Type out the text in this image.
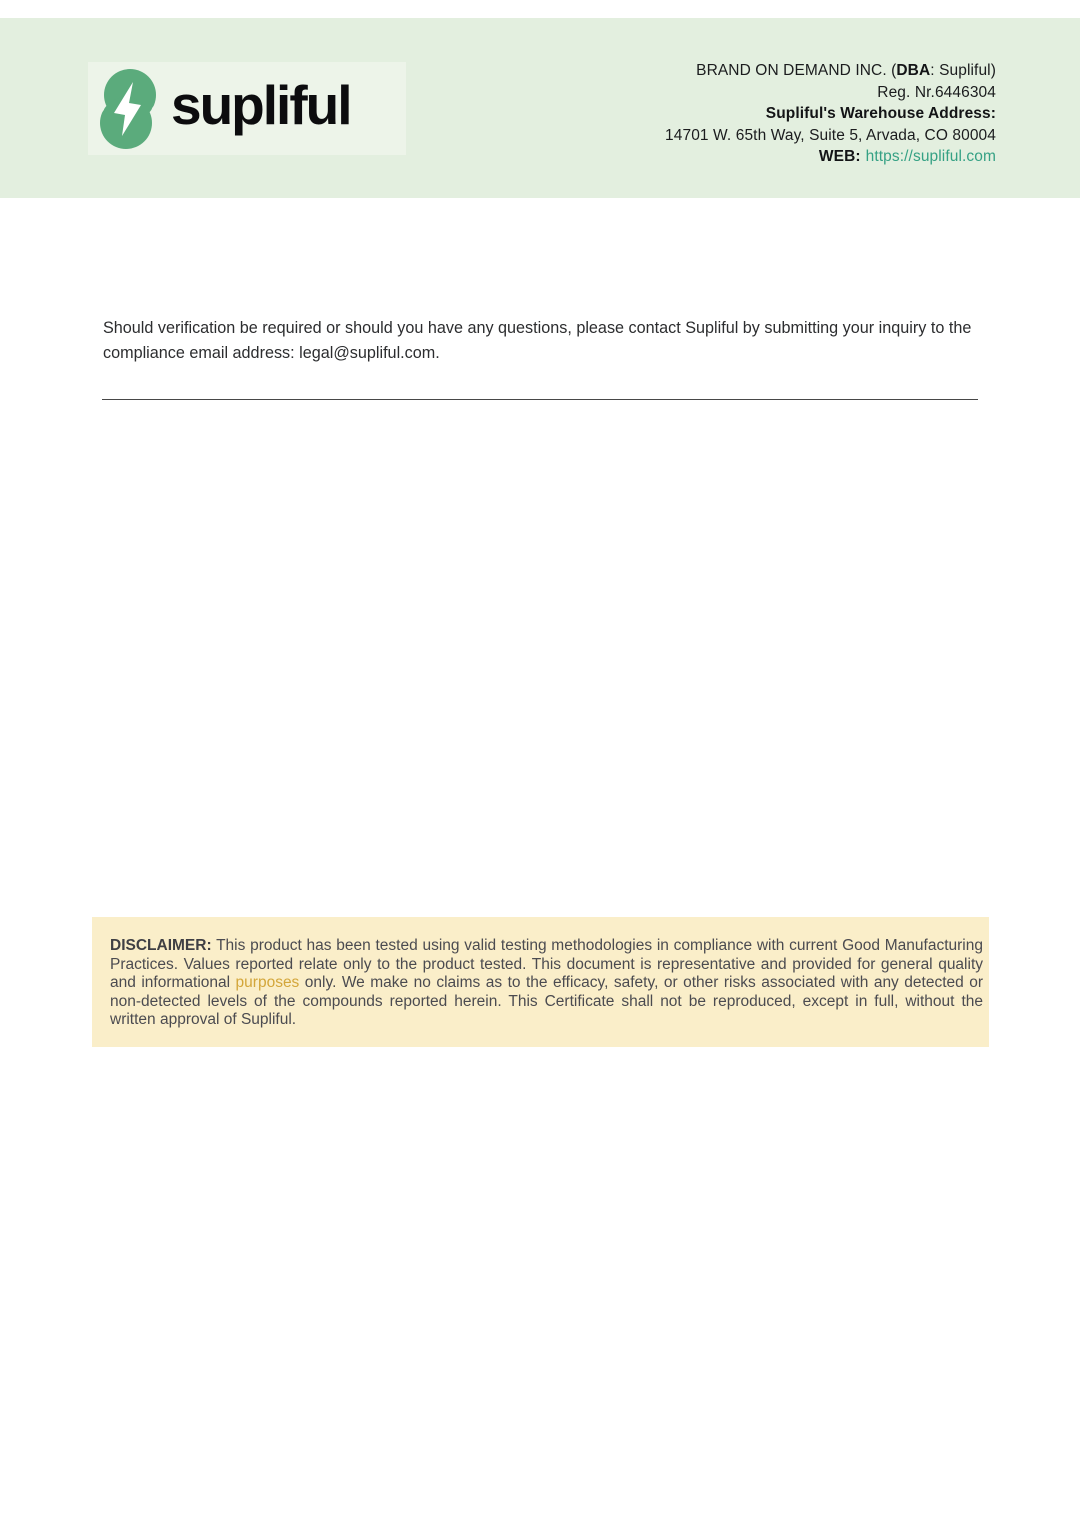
supliful
BRAND ON DEMAND INC. (DBA: Supliful)
Reg. Nr.6446304
Supliful's Warehouse Address:
14701 W. 65th Way, Suite 5, Arvada, CO 80004
WEB: https://supliful.com

Should verification be required or should you have any questions, please contact Supliful by submitting your inquiry to the compliance email address: legal@supliful.com.

DISCLAIMER: This product has been tested using valid testing methodologies in compliance with current Good Manufacturing Practices. Values reported relate only to the product tested. This document is representative and provided for general quality and informational purposes only. We make no claims as to the efficacy, safety, or other risks associated with any detected or non-detected levels of the compounds reported herein. This Certificate shall not be reproduced, except in full, without the written approval of Supliful.
